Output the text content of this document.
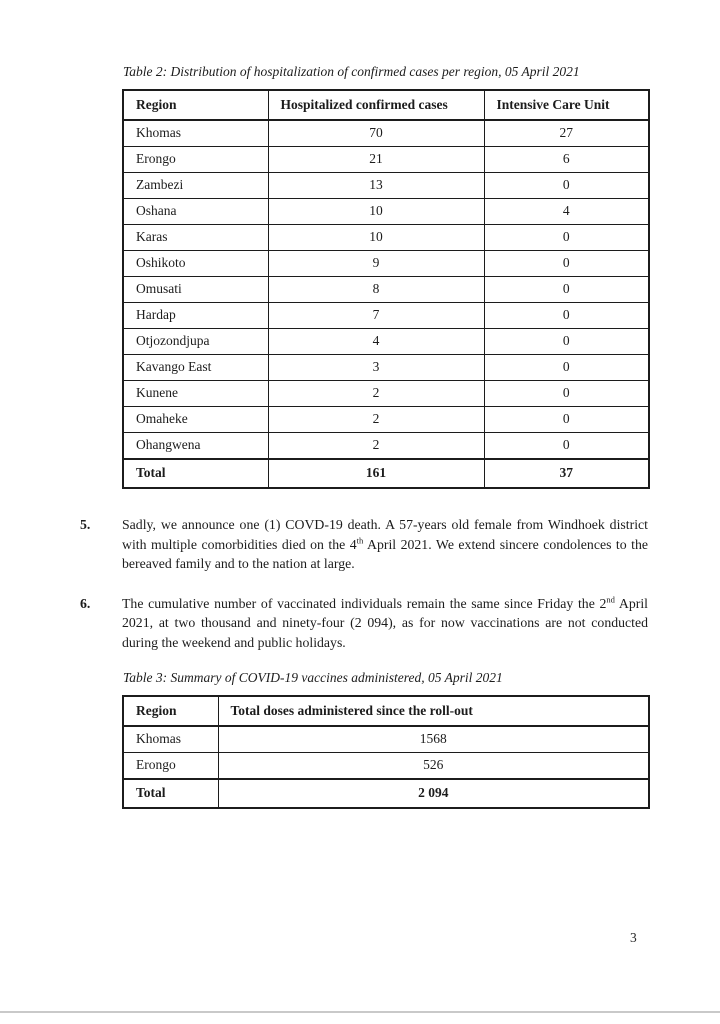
Table 2: Distribution of hospitalization of confirmed cases per region, 05 April 2021

Region	Hospitalized confirmed cases	Intensive Care Unit
Khomas	70	27
Erongo	21	6
Zambezi	13	0
Oshana	10	4
Karas	10	0
Oshikoto	9	0
Omusati	8	0
Hardap	7	0
Otjozondjupa	4	0
Kavango East	3	0
Kunene	2	0
Omaheke	2	0
Ohangwena	2	0
Total	161	37
5.	Sadly, we announce one (1) COVD-19 death. A 57-years old female from Windhoek district with multiple comorbidities died on the 4th April 2021. We extend sincere condolences to the bereaved family and to the nation at large.
6.	The cumulative number of vaccinated individuals remain the same since Friday the 2nd April 2021, at two thousand and ninety-four (2 094), as for now vaccinations are not conducted during the weekend and public holidays.

Table 3: Summary of COVID-19 vaccines administered, 05 April 2021

Region	Total doses administered since the roll-out
Khomas	1568
Erongo	526
Total	2 094
3
